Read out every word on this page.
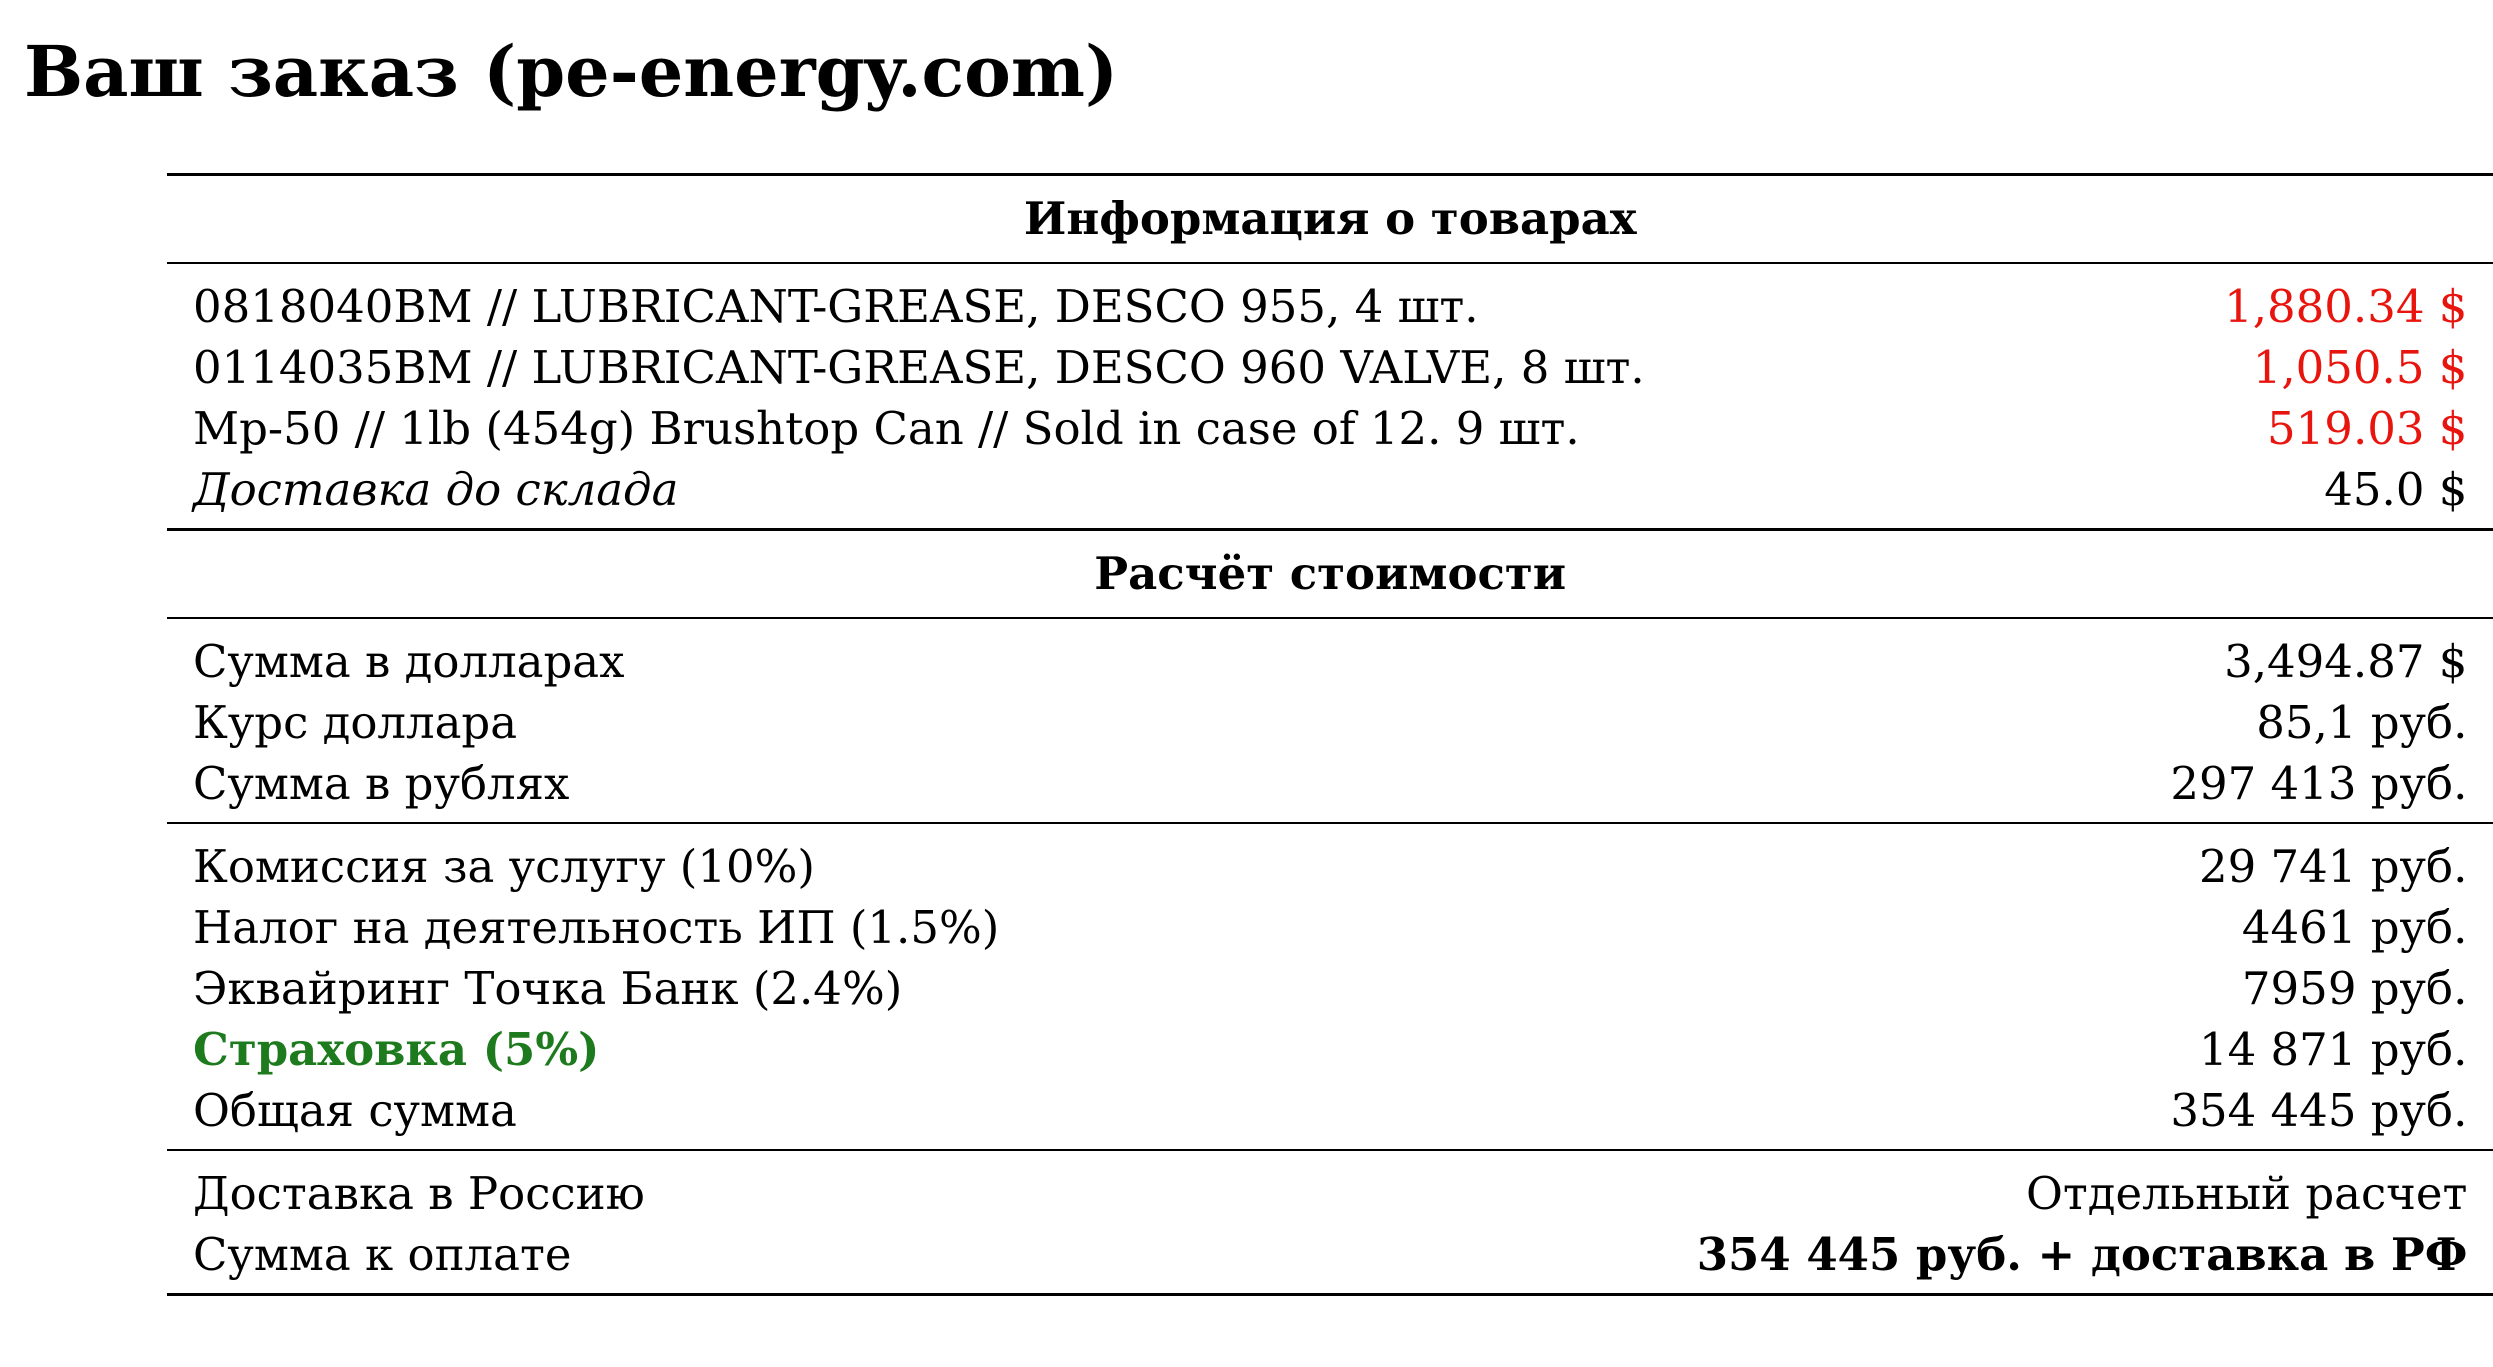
Ваш заказ (pe-energy.com)
Информация о товарах	
0818040BM // LUBRICANT-GREASE, DESCO 955, 4 шт.	1,880.34 $
0114035BM // LUBRICANT-GREASE, DESCO 960 VALVE, 8 шт.	1,050.5 $
Mp-50 // 1lb (454g) Brushtop Can // Sold in case of 12. 9 шт.	519.03 $
Доставка до склада	45.0 $
Расчёт стоимости	
Сумма в долларах	3,494.87 $
Курс доллара	85,1 руб.
Сумма в рублях	297 413 руб.
Комиссия за услугу (10%)	29 741 руб.
Налог на деятельность ИП (1.5%)	4461 руб.
Эквайринг Точка Банк (2.4%)	7959 руб.
Страховка (5%)	14 871 руб.
Общая сумма	354 445 руб.
Доставка в Россию	Отдельный расчет
Сумма к оплате	354 445 руб. + доставка в РФ
